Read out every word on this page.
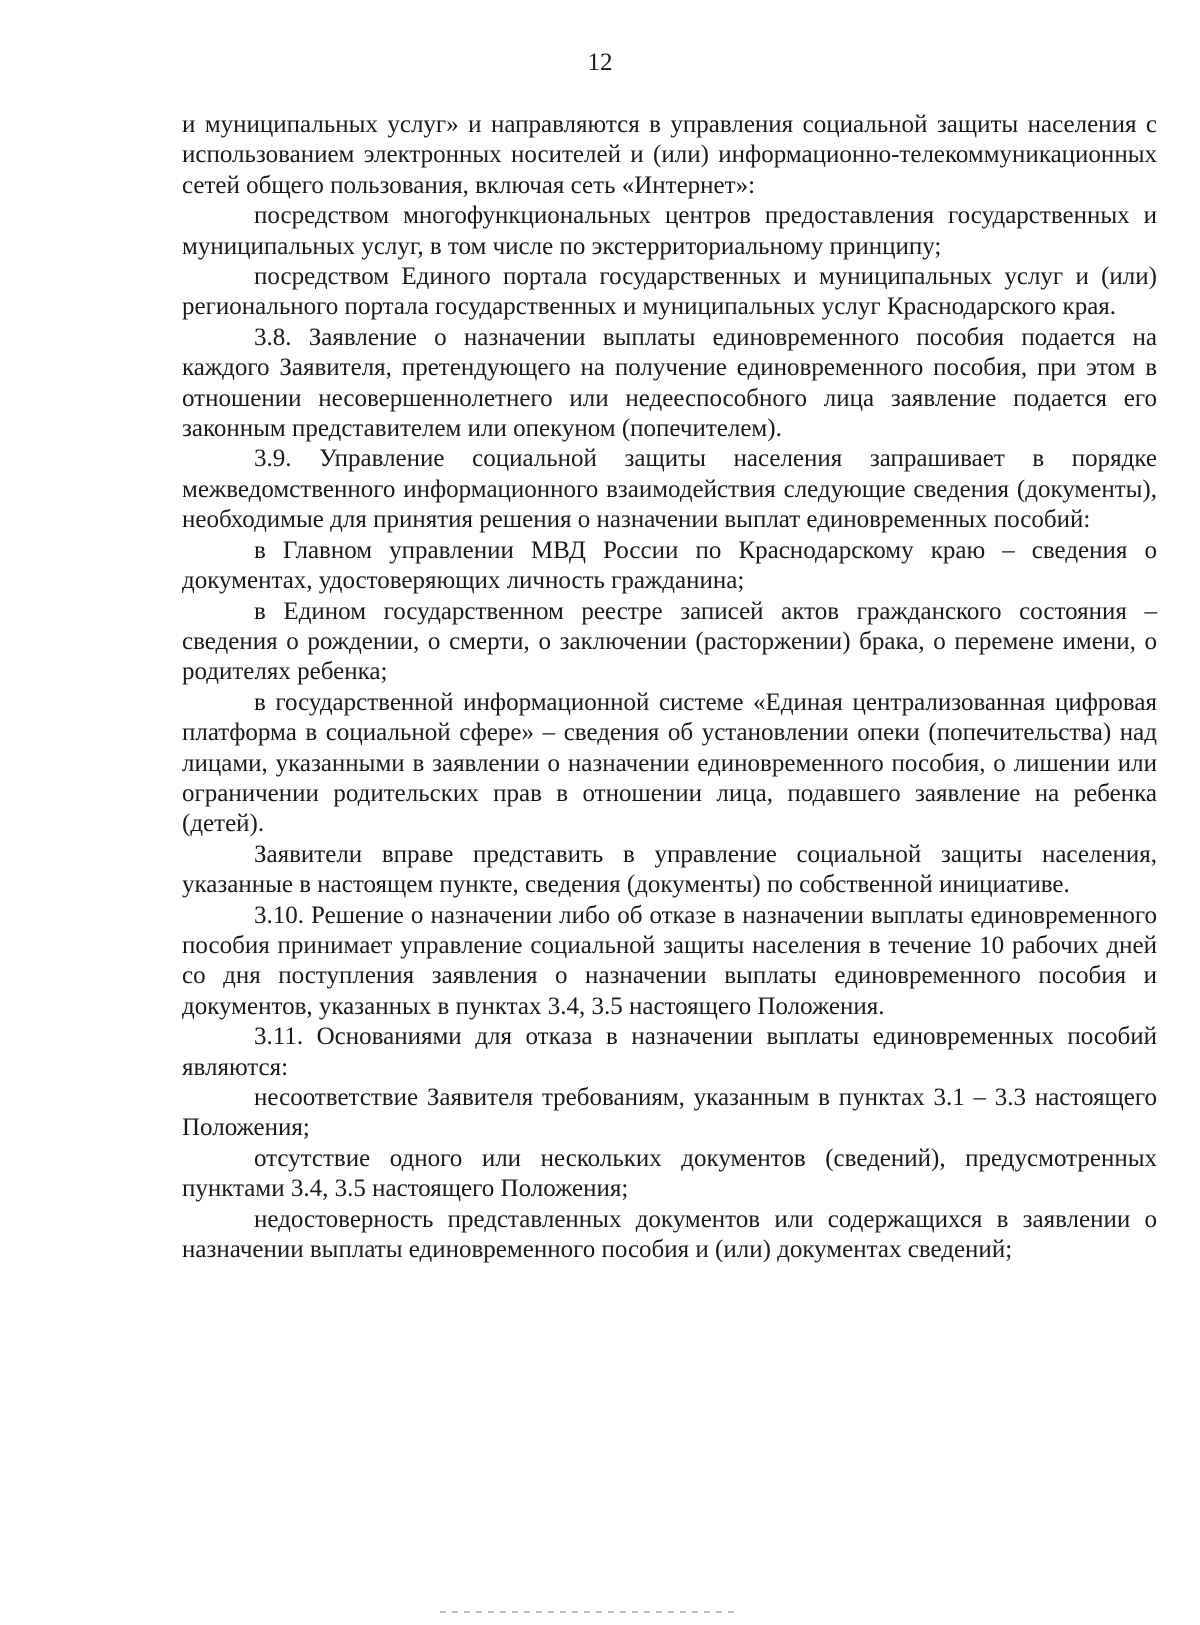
12

и муниципальных услуг» и направляются в управления социальной защиты населения с использованием электронных носителей и (или) информационно-телекоммуникационных сетей общего пользования, включая сеть «Интернет»:

посредством многофункциональных центров предоставления государственных и муниципальных услуг, в том числе по экстерриториальному принципу;

посредством Единого портала государственных и муниципальных услуг и (или) регионального портала государственных и муниципальных услуг Краснодарского края.

3.8. Заявление о назначении выплаты единовременного пособия подается на каждого Заявителя, претендующего на получение единовременного пособия, при этом в отношении несовершеннолетнего или недееспособного лица заявление подается его законным представителем или опекуном (попечителем).

3.9. Управление социальной защиты населения запрашивает в порядке межведомственного информационного взаимодействия следующие сведения (документы), необходимые для принятия решения о назначении выплат единовременных пособий:

в Главном управлении МВД России по Краснодарскому краю – сведения о документах, удостоверяющих личность гражданина;

в Едином государственном реестре записей актов гражданского состояния – сведения о рождении, о смерти, о заключении (расторжении) брака, о перемене имени, о родителях ребенка;

в государственной информационной системе «Единая централизованная цифровая платформа в социальной сфере» – сведения об установлении опеки (попечительства) над лицами, указанными в заявлении о назначении единовременного пособия, о лишении или ограничении родительских прав в отношении лица, подавшего заявление на ребенка (детей).

Заявители вправе представить в управление социальной защиты населения, указанные в настоящем пункте, сведения (документы) по собственной инициативе.

3.10. Решение о назначении либо об отказе в назначении выплаты единовременного пособия принимает управление социальной защиты населения в течение 10 рабочих дней со дня поступления заявления о назначении выплаты единовременного пособия и документов, указанных в пунктах 3.4, 3.5 настоящего Положения.

3.11. Основаниями для отказа в назначении выплаты единовременных пособий являются:

несоответствие Заявителя требованиям, указанным в пунктах 3.1 – 3.3 настоящего Положения;

отсутствие одного или нескольких документов (сведений), предусмотренных пунктами 3.4, 3.5 настоящего Положения;

недостоверность представленных документов или содержащихся в заявлении о назначении выплаты единовременного пособия и (или) документах сведений;
